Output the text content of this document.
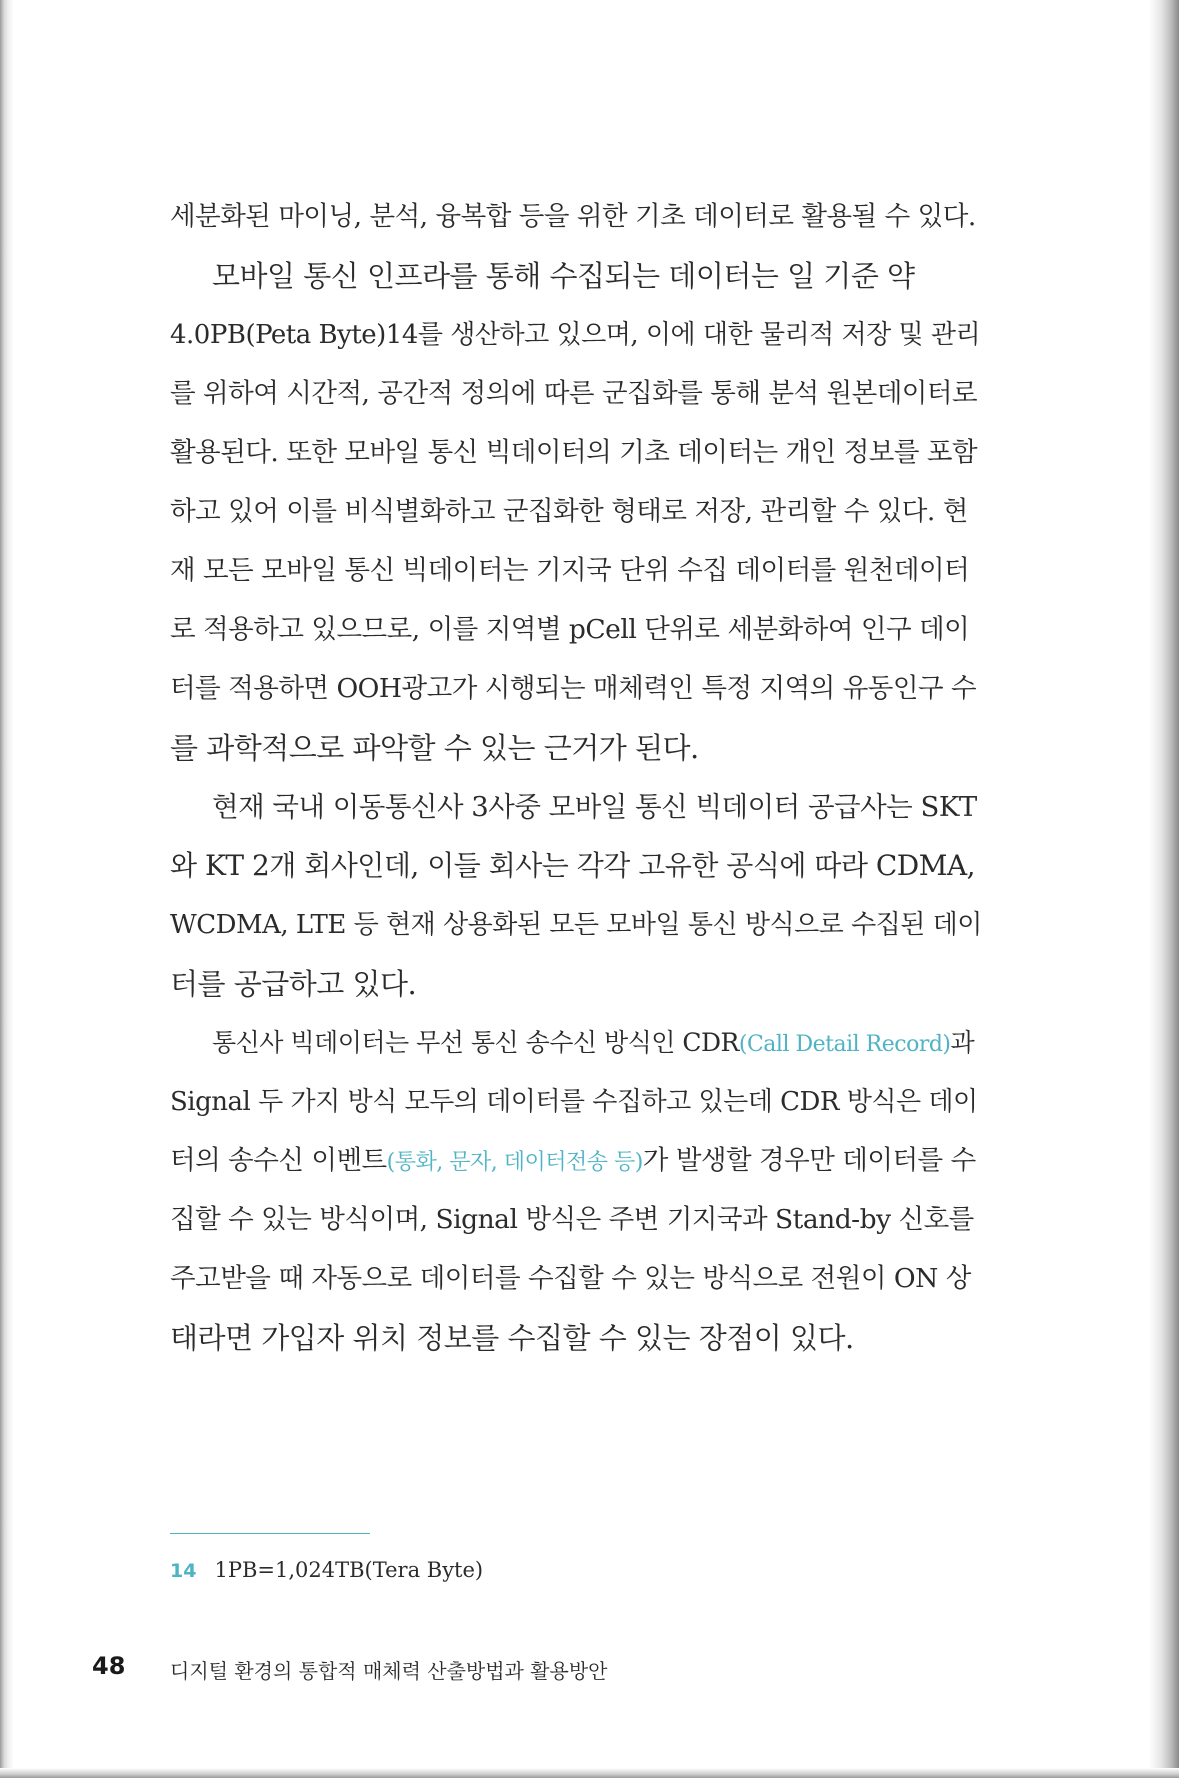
세분화된 마이닝, 분석, 융복합 등을 위한 기초 데이터로 활용될 수 있다.
모바일 통신 인프라를 통해 수집되는 데이터는 일 기준 약
4.0PB(Peta Byte)14를 생산하고 있으며, 이에 대한 물리적 저장 및 관리
를 위하여 시간적, 공간적 정의에 따른 군집화를 통해 분석 원본데이터로
활용된다. 또한 모바일 통신 빅데이터의 기초 데이터는 개인 정보를 포함
하고 있어 이를 비식별화하고 군집화한 형태로 저장, 관리할 수 있다. 현
재 모든 모바일 통신 빅데이터는 기지국 단위 수집 데이터를 원천데이터
로 적용하고 있으므로, 이를 지역별 pCell 단위로 세분화하여 인구 데이
터를 적용하면 OOH광고가 시행되는 매체력인 특정 지역의 유동인구 수
를 과학적으로 파악할 수 있는 근거가 된다.
현재 국내 이동통신사 3사중 모바일 통신 빅데이터 공급사는 SKT
와 KT 2개 회사인데, 이들 회사는 각각 고유한 공식에 따라 CDMA,
WCDMA, LTE 등 현재 상용화된 모든 모바일 통신 방식으로 수집된 데이
터를 공급하고 있다.
통신사 빅데이터는 무선 통신 송수신 방식인 CDR(Call Detail Record)과
Signal 두 가지 방식 모두의 데이터를 수집하고 있는데 CDR 방식은 데이
터의 송수신 이벤트(통화, 문자, 데이터전송 등)가 발생할 경우만 데이터를 수
집할 수 있는 방식이며, Signal 방식은 주변 기지국과 Stand-by 신호를
주고받을 때 자동으로 데이터를 수집할 수 있는 방식으로 전원이 ON 상
태라면 가입자 위치 정보를 수집할 수 있는 장점이 있다.
14 1PB=1,024TB(Tera Byte)
48 디지털 환경의 통합적 매체력 산출방법과 활용방안
